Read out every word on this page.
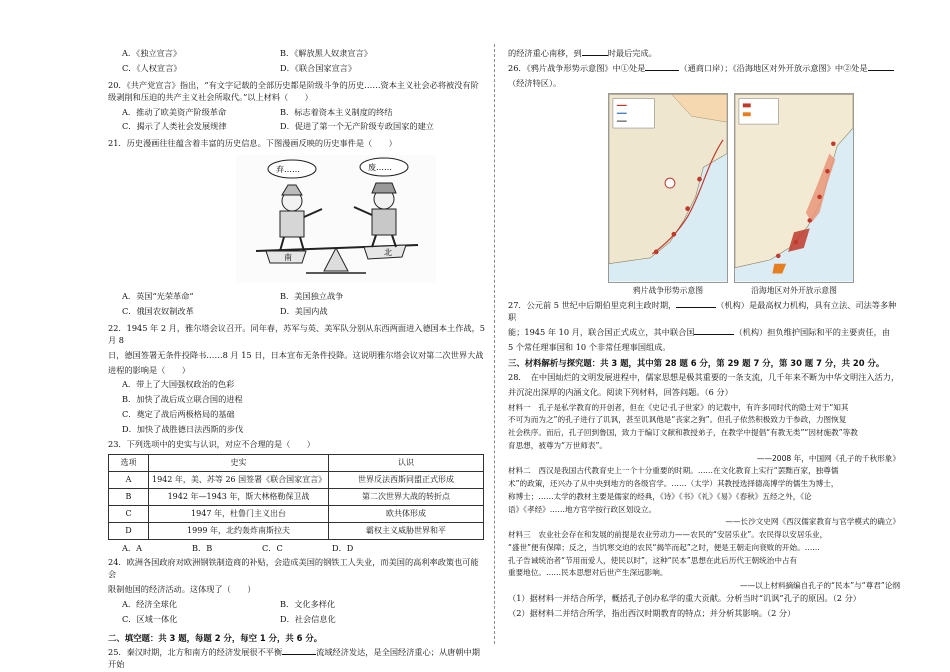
A．《独立宣言》	B．《解放黑人奴隶宣言》
C．《人权宣言》	D．《联合国家宣言》

20．《共产党宣言》指出，“有文字记载的全部历史都是阶级斗争的历史……资本主义社会必将被没有阶级剥削和压迫的共产主义社会所取代。”以上材料（　　）

A．推动了欧美资产阶级革命	B．标志着资本主义制度的终结
C．揭示了人类社会发展规律	D．促进了第一个无产阶级专政国家的建立

21．历史漫画往往蕴含着丰富的历史信息。下图漫画反映的历史事件是（　　）

南
北
弃……	废……
A．英国“光荣革命”	B．美国独立战争
C．俄国农奴制改革	D．美国内战

22．1945 年 2 月，雅尔塔会议召开。同年春，苏军与英、美军队分别从东西两面进入德国本土作战，5 月 8

日，德国签署无条件投降书……8 月 15 日，日本宣布无条件投降。这说明雅尔塔会议对第二次世界大战

进程的影响是（　　）

A．带上了大国强权政治的色彩

B．加快了战后成立联合国的进程

C．奠定了战后两极格局的基础

D．加快了战胜德日法西斯的步伐

23．下列选项中的史实与认识，对应不合理的是（　　）

选项	史实	认识
A	1942 年，美、苏等 26 国签署《联合国家宣言》	世界反法西斯同盟正式形成
B	1942 年—1943 年，斯大林格勒保卫战	第二次世界大战的转折点
C	1947 年，杜鲁门主义出台	欧共体形成
D	1999 年，北约轰炸南斯拉夫	霸权主义威胁世界和平
A．A	B．B	C．C	D．D

24．欧洲各国政府对欧洲钢铁制造商的补贴，会造成美国的钢铁工人失业，而美国的高利率政策也可能会

限制他国的经济活动。这体现了（　　）

A．经济全球化	B．文化多样化
C．区域一体化	D．社会信息化

二、填空题：共 3 题，每题 2 分，每空 1 分，共 6 分。

25．秦汉时期，北方和南方的经济发展很不平衡	流域经济发达，是全国经济重心；从唐朝中期开始

的经济重心南移，到	时最后完成。

26．《鸦片战争形势示意图》中①处是	（通商口岸）；《沿海地区对外开放示意图》中②处是

（经济特区）。

鸦片战争形势示意图	沿海地区对外开放示意图

27．公元前 5 世纪中后期伯里克利主政时期，	（机构）是最高权力机构，具有立法、司法等多种职

能；1945 年 10 月，联合国正式成立，其中联合国	（机构）担负维护国际和平的主要责任，由

5 个常任理事国和 10 个非常任理事国组成。

三、材料解析与探究题：共 3 题，其中第 28 题 6 分，第 29 题 7 分，第 30 题 7 分，共 20 分。

28．　在中国灿烂的文明发展进程中，儒家思想是极其重要的一条支流，几千年来不断为中华文明注入活力，

并沉淀出深厚的内涵文化。阅读下列材料，回答问题。（6 分）

材料一　孔子是私学教育的开创者，但在《史记·孔子世家》的记载中，有许多同时代的隐士对于“知其

不可为而为之”的孔子进行了讥讽，甚至讥讽他是“丧家之狗”。但孔子依然积极致力于参政，力图恢复

社会秩序。而后，孔子回到鲁国，致力于编订文献和教授弟子，在教学中提倡“有教无类”“因材施教”等教

育思想，被尊为“万世师表”。

——2008 年，中国网《孔子的千秋形象》

材料二　西汉是我国古代教育史上一个十分重要的时期。……在文化教育上实行“罢黜百家，独尊儒

术”的政策，还兴办了从中央到地方的各级官学。……（太学）其教授选择德高博学的儒生为博士，

称博士；……太学的教材主要是儒家的经典，《诗》《书》《礼》《易》《春秋》五经之外，《论

语》《孝经》……地方官学按行政区划设立。

——长沙文史网《西汉儒家教育与官学模式的确立》

材料三　农业社会存在和发展的前提是农业劳动力——农民的“安居乐业”。农民得以安居乐业，

“盛世”便有保障；反之，当饥寒交迫的农民“揭竿而起”之时，便是王朝走向衰败的开始。……

孔子告诫统治者“节用而爱人，使民以时”，这种“民本”思想在此后历代王朝统治中占有

重要地位。……民本思想对后世产生深远影响。

——以上材料摘编自孔子的“民本”与“尊君”论纲

（1）据材料一并结合所学，概括孔子创办私学的重大贡献。分析当时“讥讽”孔子的原因。（2 分）

（2）据材料二并结合所学，指出西汉时期教育的特点；并分析其影响。（2 分）
